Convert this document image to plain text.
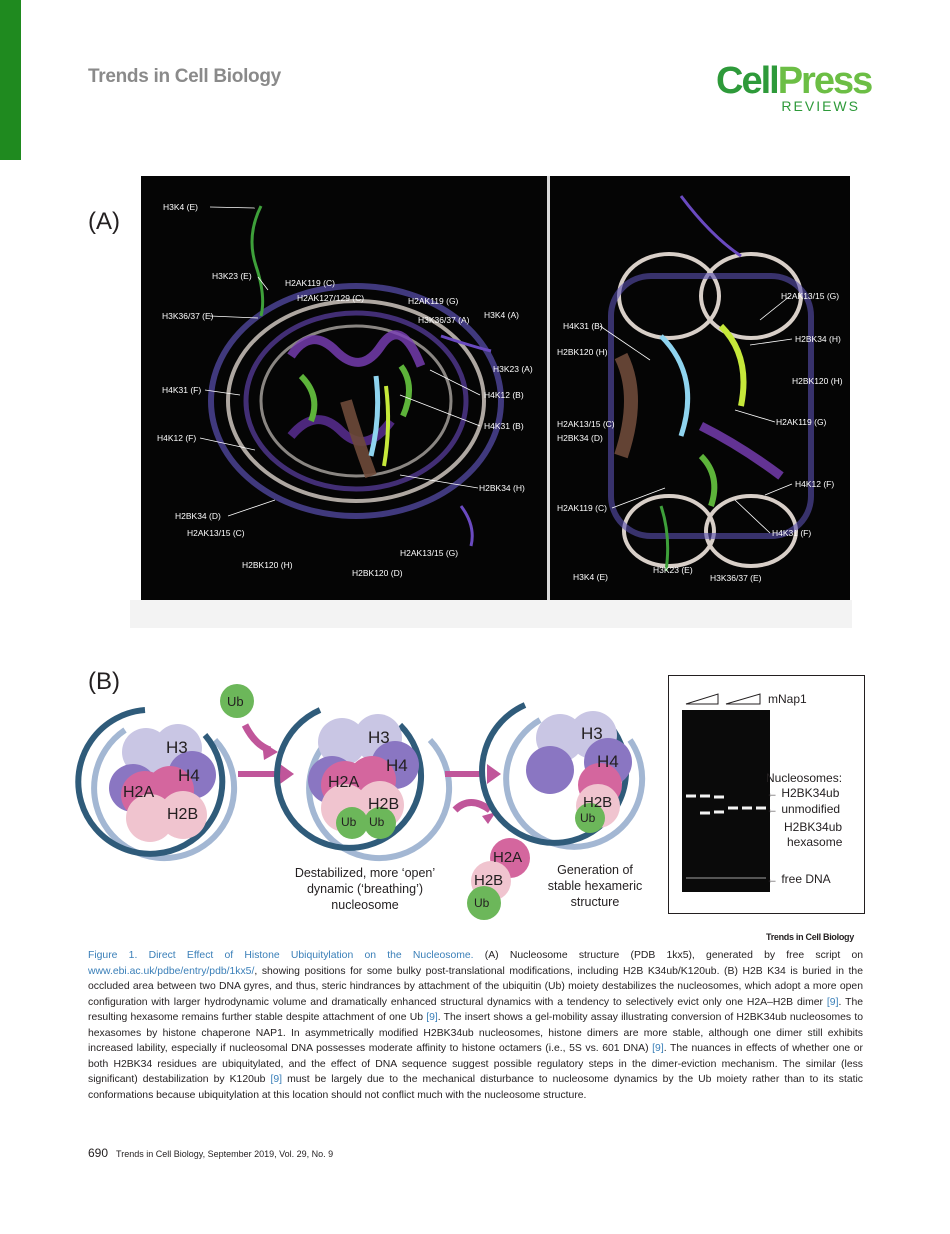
Trends in Cell Biology	CellPress
REVIEWS
(A)
H3K4 (E)
H3K23 (E)
H2AK119 (C)
H2AK127/129 (C)	H2AK119 (G)
H3K36/37 (E)	H3K36/37 (A) H3K4 (A)
H3K23 (A)
H4K12 (B)
H4K31 (F)
H4K31 (B)
H4K12 (F)
H2BK34 (H)
H2BK34 (D)
H2AK13/15 (C)
H2AK13/15 (G)
H2BK120 (H)
H2BK120 (D)
H2AK13/15 (G)
H4K31 (B)
H2BK34 (H)
H2BK120 (H)
H2BK120 (H)
H2AK119 (G)
H2AK13/15 (C)
H2BK34 (D)
H4K12 (F)
H2AK119 (C)
H4K31 (F)
H3K4 (E)
H3K23 (E)
H3K36/37 (E)
(B)
Ub
H3
H4
H2A
H2B
H3
H4
H2A
H2B
Ub Ub
H3
H4
H2B
Ub
H2A
H2B
Ub
Destabilized, more ‘open’
dynamic (‘breathing’)
nucleosome
Generation of
stable hexameric
structure
mNap1
Nucleosomes:
← H2BK34ub
← unmodified
H2BK34ub
hexasome
← free DNA
Trends in Cell Biology
Figure 1. Direct Effect of Histone Ubiquitylation on the Nucleosome. (A) Nucleosome structure (PDB 1kx5), generated by free script on www.ebi.ac.uk/pdbe/entry/pdb/1kx5/, showing positions for some bulky post-translational modifications, including H2B K34ub/K120ub. (B) H2B K34 is buried in the occluded area between two DNA gyres, and thus, steric hindrances by attachment of the ubiquitin (Ub) moiety destabilizes the nucleosomes, which adopt a more open configuration with larger hydrodynamic volume and dramatically enhanced structural dynamics with a tendency to selectively evict only one H2A–H2B dimer [9]. The resulting hexasome remains further stable despite attachment of one Ub [9]. The insert shows a gel-mobility assay illustrating conversion of H2BK34ub nucleosomes to hexasomes by histone chaperone NAP1. In asymmetrically modified H2BK34ub nucleosomes, histone dimers are more stable, although one dimer still exhibits increased lability, especially if nucleosomal DNA possesses moderate affinity to histone octamers (i.e., 5S vs. 601 DNA) [9]. The nuances in effects of whether one or both H2BK34 residues are ubiquitylated, and the effect of DNA sequence suggest possible regulatory steps in the dimer-eviction mechanism. The similar (less significant) destabilization by K120ub [9] must be largely due to the mechanical disturbance to nucleosome dynamics by the Ub moiety rather than to its static conformations because ubiquitylation at this location should not conflict much with the nucleosome structure.
690 Trends in Cell Biology, September 2019, Vol. 29, No. 9
